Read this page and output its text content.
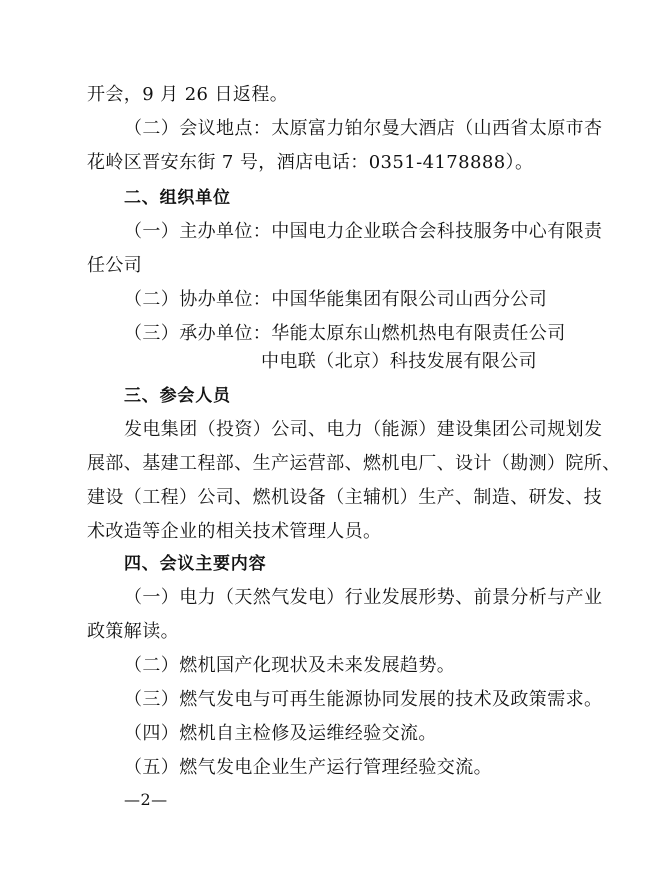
开会，9 月 26 日返程。
（二）会议地点：太原富力铂尔曼大酒店（山西省太原市杏
花岭区晋安东街 7 号，酒店电话：0351-4178888）。
二、组织单位
（一）主办单位：中国电力企业联合会科技服务中心有限责
任公司
（二）协办单位：中国华能集团有限公司山西分公司
（三）承办单位：华能太原东山燃机热电有限责任公司
中电联（北京）科技发展有限公司
三、参会人员
发电集团（投资）公司、电力（能源）建设集团公司规划发
展部、基建工程部、生产运营部、燃机电厂、设计（勘测）院所、
建设（工程）公司、燃机设备（主辅机）生产、制造、研发、技
术改造等企业的相关技术管理人员。
四、会议主要内容
（一）电力（天然气发电）行业发展形势、前景分析与产业
政策解读。
（二）燃机国产化现状及未来发展趋势。
（三）燃气发电与可再生能源协同发展的技术及政策需求。
（四）燃机自主检修及运维经验交流。
（五）燃气发电企业生产运行管理经验交流。
—2—
